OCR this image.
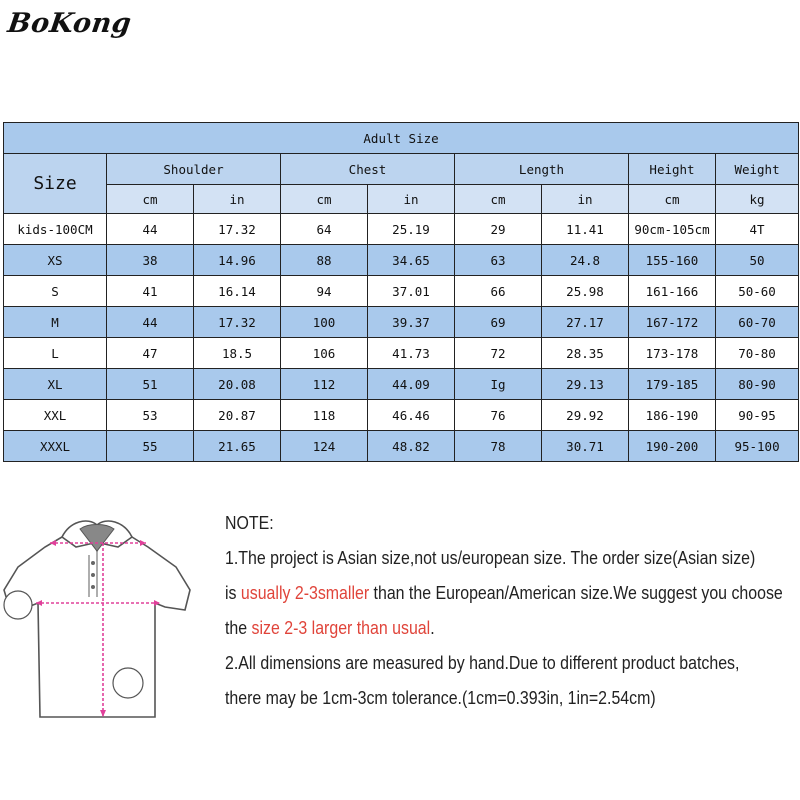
BoKong
Adult Size								
Size	Shoulder		Chest		Length		Height	Weight
	cm	in	cm	in	cm	in	cm	kg
kids-100CM	44	17.32	64	25.19	29	11.41	90cm-105cm	4T
XS	38	14.96	88	34.65	63	24.8	155-160	50
S	41	16.14	94	37.01	66	25.98	161-166	50-60
M	44	17.32	100	39.37	69	27.17	167-172	60-70
L	47	18.5	106	41.73	72	28.35	173-178	70-80
XL	51	20.08	112	44.09	Ig	29.13	179-185	80-90
XXL	53	20.87	118	46.46	76	29.92	186-190	90-95
XXXL	55	21.65	124	48.82	78	30.71	190-200	95-100
NOTE:
1.The project is Asian size,not us/european size. The order size(Asian size)
is usually 2-3smaller than the European/American size.We suggest you choose
the size 2-3 larger than usual.
2.All dimensions are measured by hand.Due to different product batches,
there may be 1cm-3cm tolerance.(1cm=0.393in, 1in=2.54cm)
